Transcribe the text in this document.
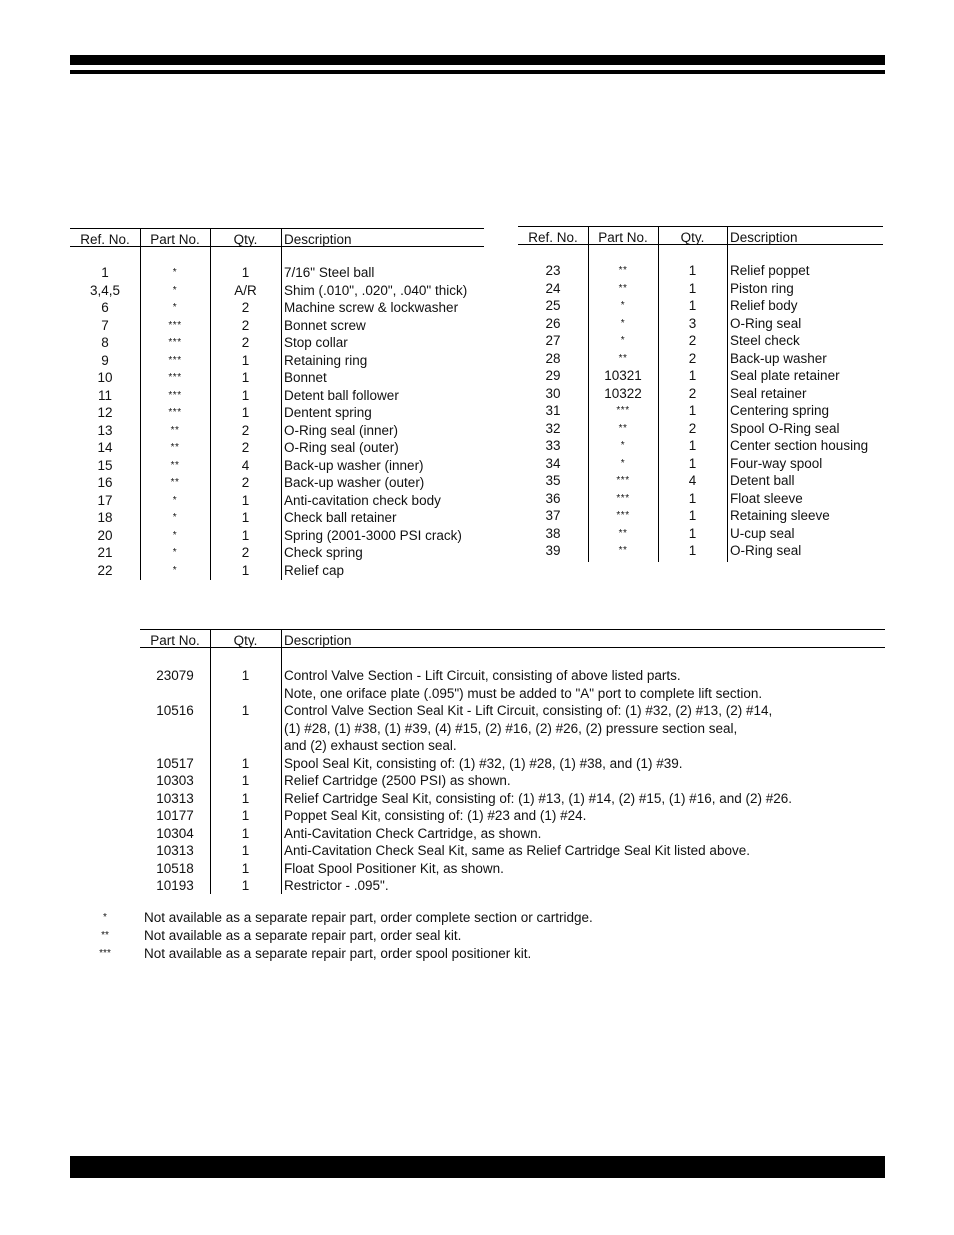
Ref. No.	Part No.	Qty.	Description
1	*	1	7/16" Steel ball
3,4,5	*	A/R	Shim (.010", .020", .040" thick)
6	*	2	Machine screw & lockwasher
7	***	2	Bonnet screw
8	***	2	Stop collar
9	***	1	Retaining ring
10	***	1	Bonnet
11	***	1	Detent ball follower
12	***	1	Dentent spring
13	**	2	O-Ring seal (inner)
14	**	2	O-Ring seal (outer)
15	**	4	Back-up washer (inner)
16	**	2	Back-up washer (outer)
17	*	1	Anti-cavitation check body
18	*	1	Check ball retainer
20	*	1	Spring (2001-3000 PSI crack)
21	*	2	Check spring
22	*	1	Relief cap
Ref. No.	Part No.	Qty.	Description
23	**	1	Relief poppet
24	**	1	Piston ring
25	*	1	Relief body
26	*	3	O-Ring seal
27	*	2	Steel check
28	**	2	Back-up washer
29	10321	1	Seal plate retainer
30	10322	2	Seal retainer
31	***	1	Centering spring
32	**	2	Spool O-Ring seal
33	*	1	Center section housing
34	*	1	Four-way spool
35	***	4	Detent ball
36	***	1	Float sleeve
37	***	1	Retaining sleeve
38	**	1	U-cup seal
39	**	1	O-Ring seal
Part No.	Qty.	Description
23079	1	Control Valve Section - Lift Circuit, consisting of above listed parts.
Note, one oriface plate (.095") must be added to "A" port to complete lift section.
10516	1	Control Valve Section Seal Kit - Lift Circuit, consisting of: (1) #32, (2) #13, (2) #14,
(1) #28, (1) #38, (1) #39, (4) #15, (2) #16, (2) #26, (2) pressure section seal,
and (2) exhaust section seal.
10517	1	Spool Seal Kit, consisting of: (1) #32, (1) #28, (1) #38, and (1) #39.
10303	1	Relief Cartridge (2500 PSI) as shown.
10313	1	Relief Cartridge Seal Kit, consisting of: (1) #13, (1) #14, (2) #15, (1) #16, and (2) #26.
10177	1	Poppet Seal Kit, consisting of: (1) #23 and (1) #24.
10304	1	Anti-Cavitation Check Cartridge, as shown.
10313	1	Anti-Cavitation Check Seal Kit, same as Relief Cartridge Seal Kit listed above.
10518	1	Float Spool Positioner Kit, as shown.
10193	1	Restrictor - .095".
*	Not available as a separate repair part, order complete section or cartridge.
**	Not available as a separate repair part, order seal kit.
***	Not available as a separate repair part, order spool positioner kit.
